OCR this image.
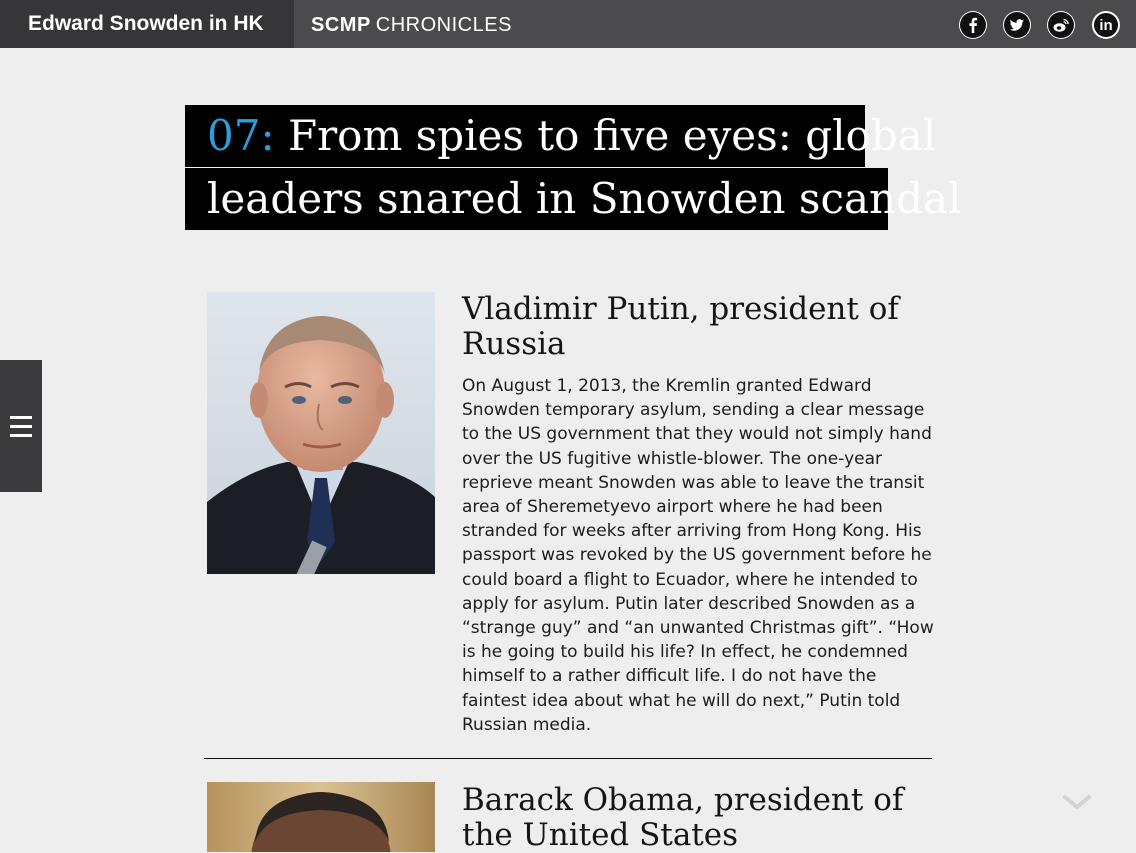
Edward Snowden in HK	SCMP CHRONICLES	in
07: From spies to five eyes: global
leaders snared in Snowden scandal
Vladimir Putin, president of Russia
On August 1, 2013, the Kremlin granted Edward Snowden temporary asylum, sending a clear message to the US government that they would not simply hand over the US fugitive whistle-blower. The one-year reprieve meant Snowden was able to leave the transit area of Sheremetyevo airport where he had been stranded for weeks after arriving from Hong Kong. His passport was revoked by the US government before he could board a flight to Ecuador, where he intended to apply for asylum. Putin later described Snowden as a “strange guy” and “an unwanted Christmas gift”. “How is he going to build his life? In effect, he condemned himself to a rather difficult life. I do not have the faintest idea about what he will do next,” Putin told Russian media.
Barack Obama, president of the United States
